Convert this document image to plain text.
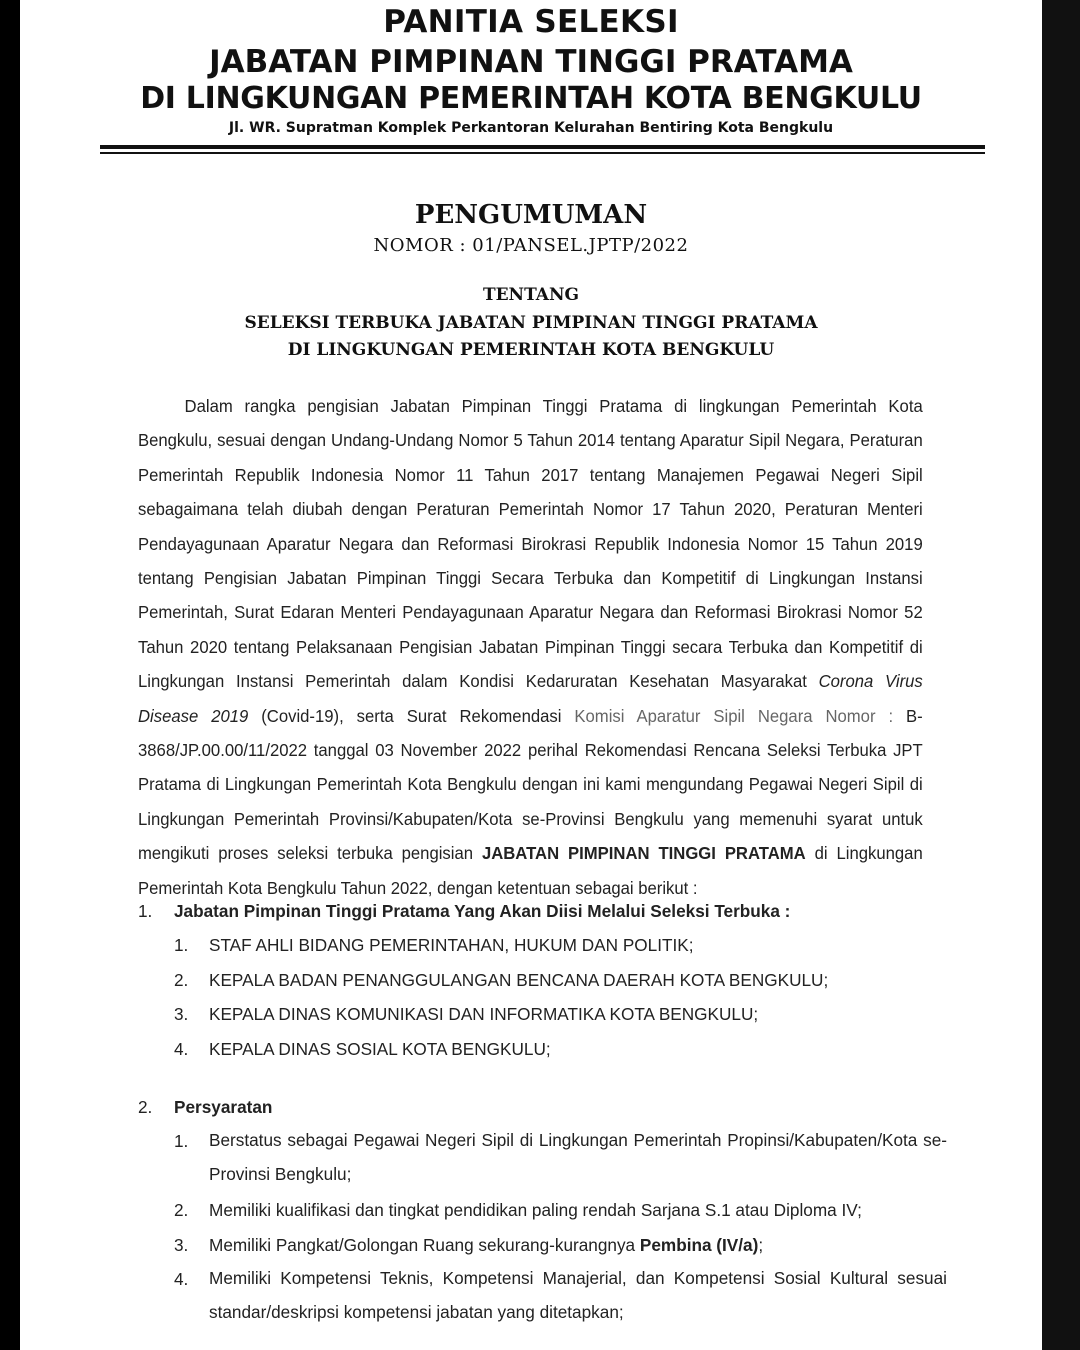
PANITIA SELEKSI
JABATAN PIMPINAN TINGGI PRATAMA
DI LINGKUNGAN PEMERINTAH KOTA BENGKULU
Jl. WR. Supratman Komplek Perkantoran Kelurahan Bentiring Kota Bengkulu
PENGUMUMAN
NOMOR : 01/PANSEL.JPTP/2022
TENTANG
SELEKSI TERBUKA JABATAN PIMPINAN TINGGI PRATAMA
DI LINGKUNGAN PEMERINTAH KOTA BENGKULU
Dalam rangka pengisian Jabatan Pimpinan Tinggi Pratama di lingkungan Pemerintah Kota Bengkulu, sesuai dengan Undang-Undang Nomor 5 Tahun 2014 tentang Aparatur Sipil Negara, Peraturan Pemerintah Republik Indonesia Nomor 11 Tahun 2017 tentang Manajemen Pegawai Negeri Sipil sebagaimana telah diubah dengan Peraturan Pemerintah Nomor 17 Tahun 2020, Peraturan Menteri Pendayagunaan Aparatur Negara dan Reformasi Birokrasi Republik Indonesia Nomor 15 Tahun 2019 tentang Pengisian Jabatan Pimpinan Tinggi Secara Terbuka dan Kompetitif di Lingkungan Instansi Pemerintah, Surat Edaran Menteri Pendayagunaan Aparatur Negara dan Reformasi Birokrasi Nomor 52 Tahun 2020 tentang Pelaksanaan Pengisian Jabatan Pimpinan Tinggi secara Terbuka dan Kompetitif di Lingkungan Instansi Pemerintah dalam Kondisi Kedaruratan Kesehatan Masyarakat Corona Virus Disease 2019 (Covid-19), serta Surat Rekomendasi Komisi Aparatur Sipil Negara Nomor : B-3868/JP.00.00/11/2022 tanggal 03 November 2022 perihal Rekomendasi Rencana Seleksi Terbuka JPT Pratama di Lingkungan Pemerintah Kota Bengkulu dengan ini kami mengundang Pegawai Negeri Sipil di Lingkungan Pemerintah Provinsi/Kabupaten/Kota se-Provinsi Bengkulu yang memenuhi syarat untuk mengikuti proses seleksi terbuka pengisian JABATAN PIMPINAN TINGGI PRATAMA di Lingkungan Pemerintah Kota Bengkulu Tahun 2022, dengan ketentuan sebagai berikut :
1. Jabatan Pimpinan Tinggi Pratama Yang Akan Diisi Melalui Seleksi Terbuka :
1. STAF AHLI BIDANG PEMERINTAHAN, HUKUM DAN POLITIK;
2. KEPALA BADAN PENANGGULANGAN BENCANA DAERAH KOTA BENGKULU;
3. KEPALA DINAS KOMUNIKASI DAN INFORMATIKA KOTA BENGKULU;
4. KEPALA DINAS SOSIAL KOTA BENGKULU;
2. Persyaratan
1. Berstatus sebagai Pegawai Negeri Sipil di Lingkungan Pemerintah Propinsi/Kabupaten/Kota se-Provinsi Bengkulu;
2. Memiliki kualifikasi dan tingkat pendidikan paling rendah Sarjana S.1 atau Diploma IV;
3. Memiliki Pangkat/Golongan Ruang sekurang-kurangnya Pembina (IV/a);
4. Memiliki Kompetensi Teknis, Kompetensi Manajerial, dan Kompetensi Sosial Kultural sesuai standar/deskripsi kompetensi jabatan yang ditetapkan;
